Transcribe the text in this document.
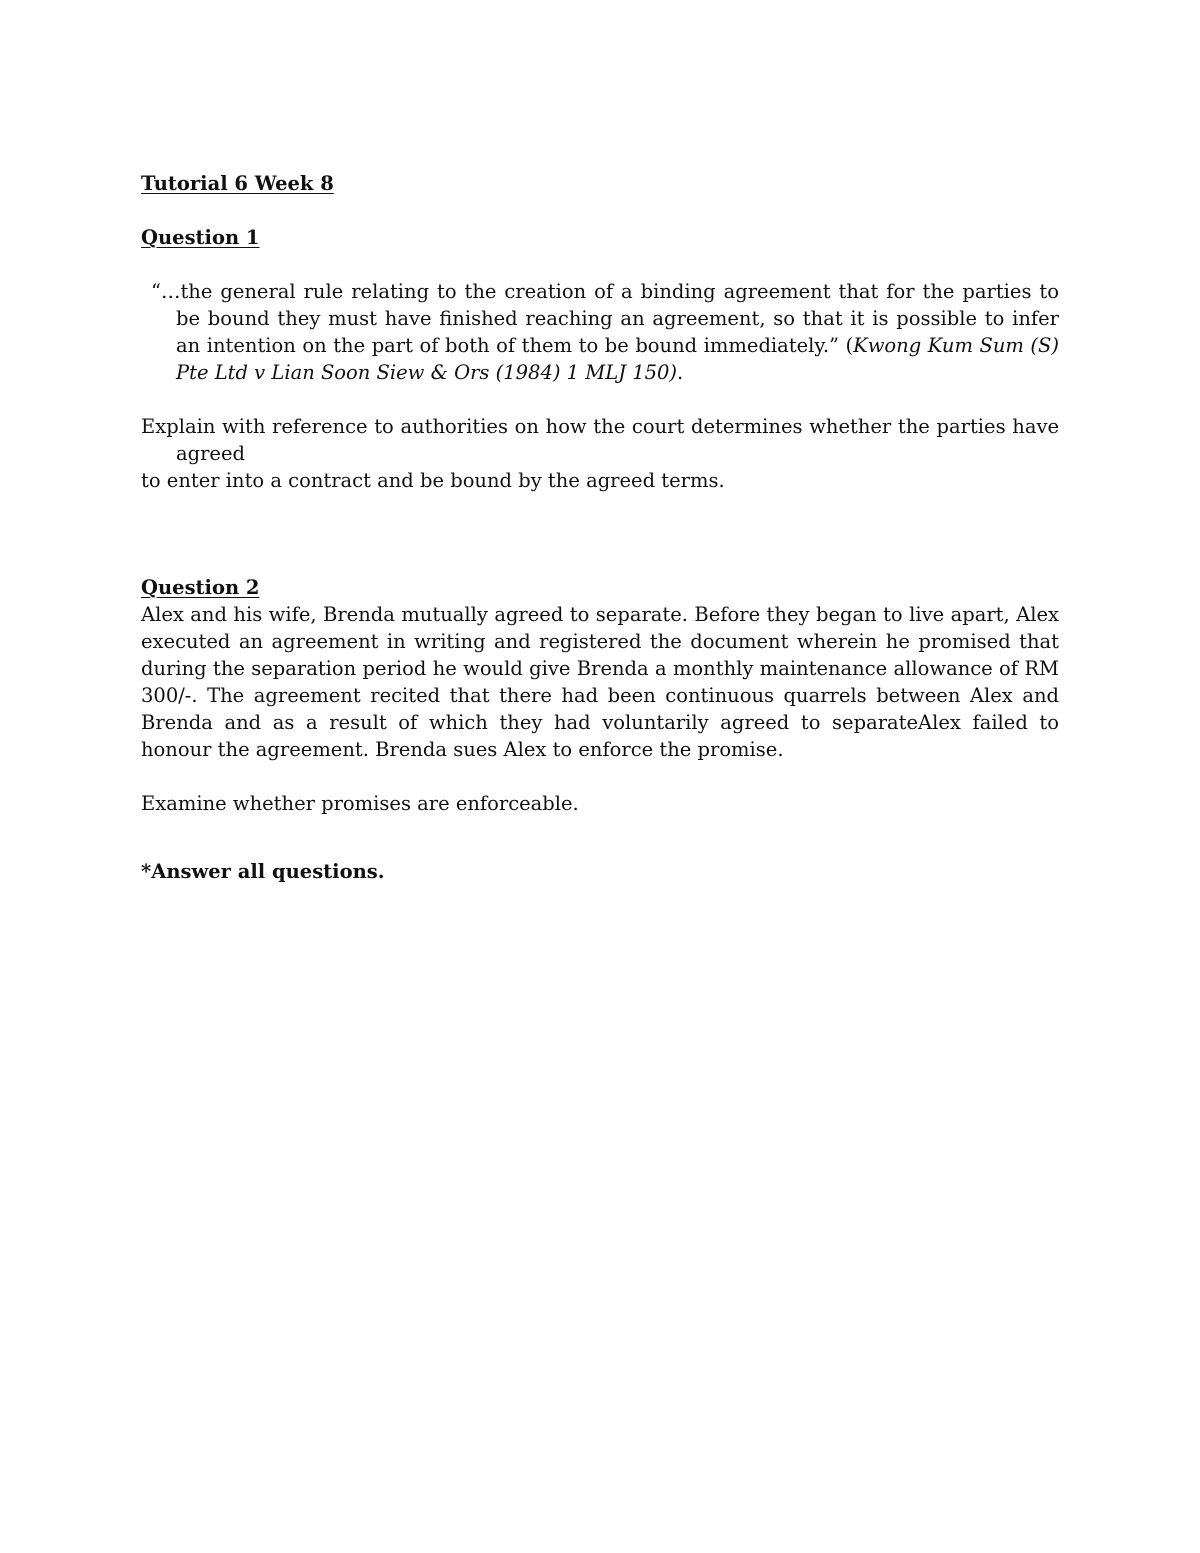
Tutorial 6 Week 8

Question 1

“…the general rule relating to the creation of a binding agreement that for the parties to be bound they must have finished reaching an agreement, so that it is possible to infer an intention on the part of both of them to be bound immediately.” (Kwong Kum Sum (S) Pte Ltd v Lian Soon Siew & Ors (1984) 1 MLJ 150).

Explain with reference to authorities on how the court determines whether the parties have agreed

to enter into a contract and be bound by the agreed terms.

Question 2

Alex and his wife, Brenda mutually agreed to separate. Before they began to live apart, Alex executed an agreement in writing and registered the document wherein he promised that during the separation period he would give Brenda a monthly maintenance allowance of RM 300/-. The agreement recited that there had been continuous quarrels between Alex and Brenda and as a result of which they had voluntarily agreed to separateAlex failed to honour the agreement. Brenda sues Alex to enforce the promise.

Examine whether promises are enforceable.

*Answer all questions.
